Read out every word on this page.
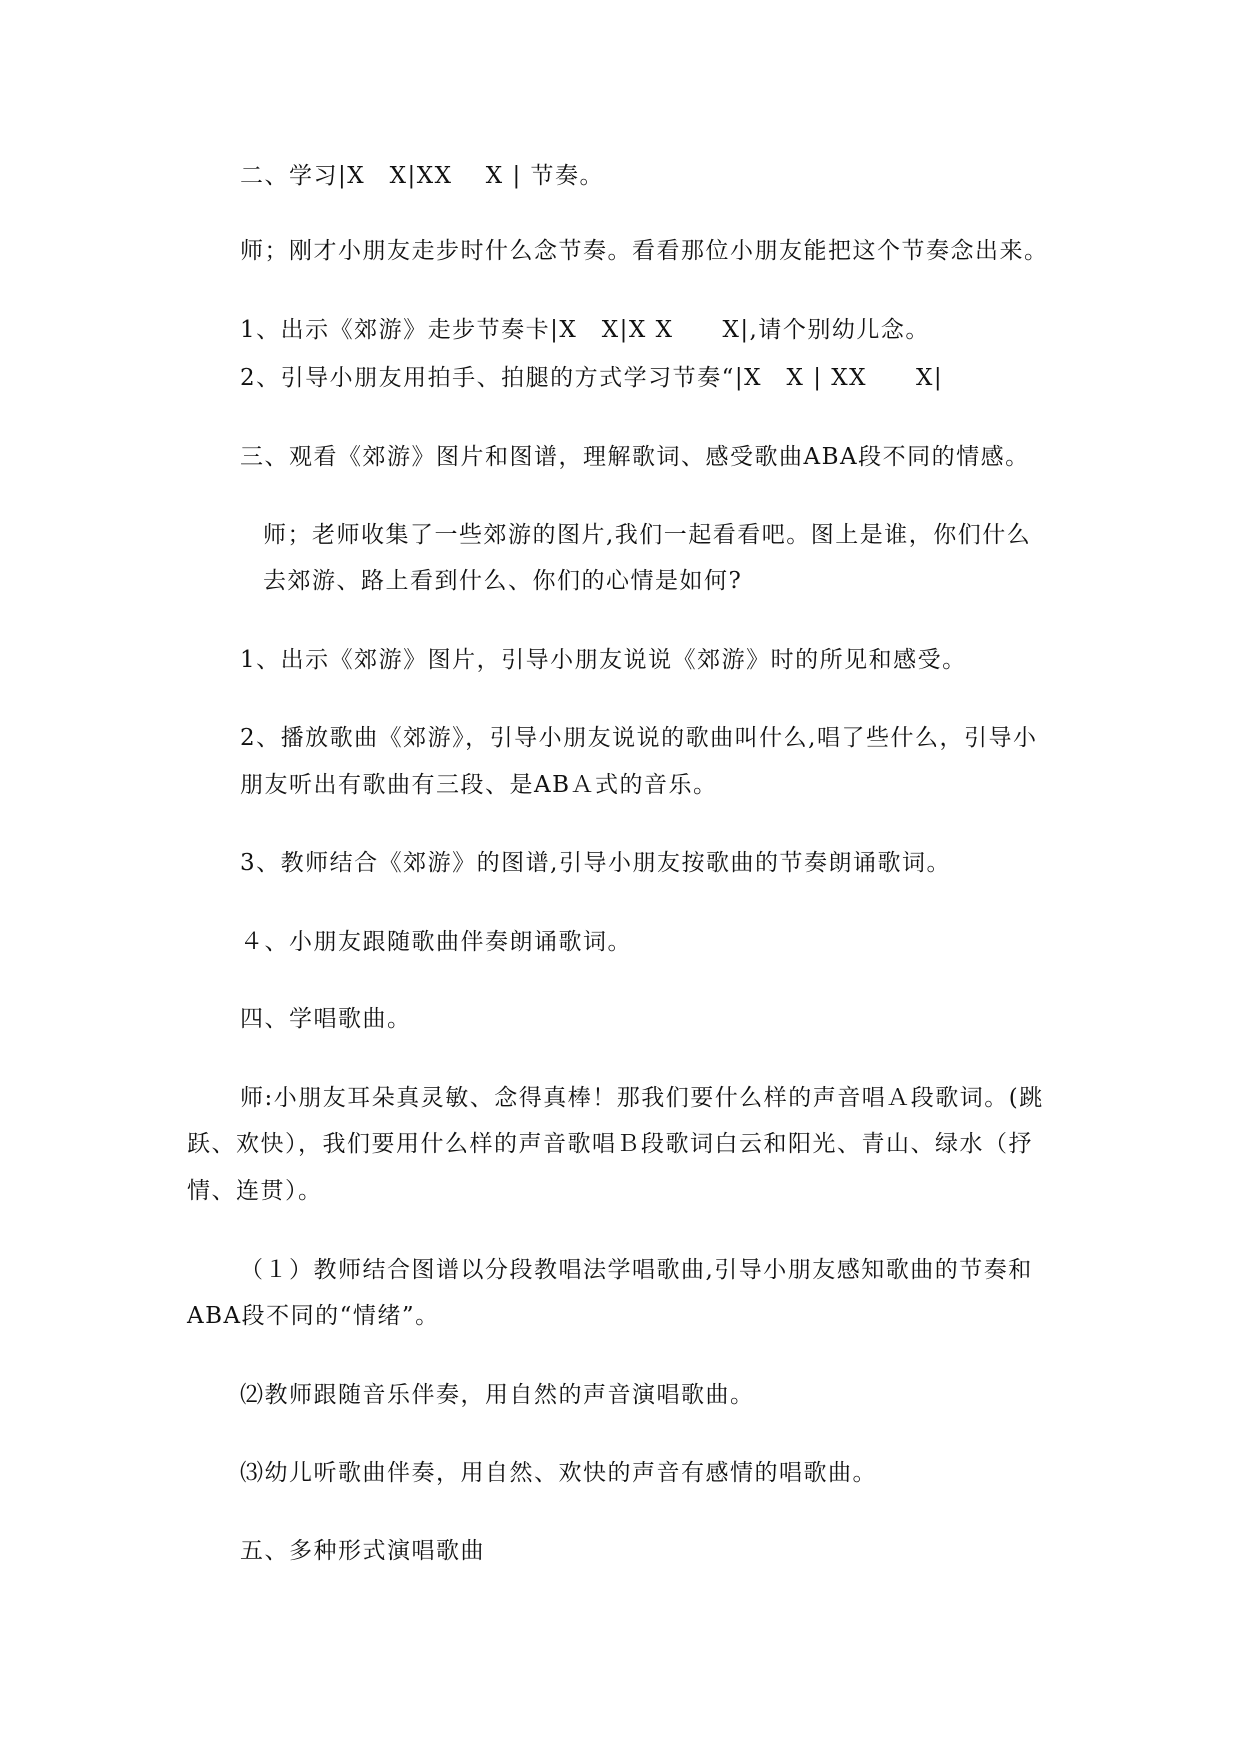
二、学习|X　X|XX　 X | 节奏。
师；刚才小朋友走步时什么念节奏。看看那位小朋友能把这个节奏念出来。
1、出示《郊游》走步节奏卡|X　X|X X　　X|,请个别幼儿念。
2、引导小朋友用拍手、拍腿的方式学习节奏“|X　X | XX　　X|
三、观看《郊游》图片和图谱，理解歌词、感受歌曲ABA段不同的情感。
师；老师收集了一些郊游的图片,我们一起看看吧。图上是谁，你们什么
去郊游、路上看到什么、你们的心情是如何?
1、出示《郊游》图片，引导小朋友说说《郊游》时的所见和感受。
2、播放歌曲《郊游》，引导小朋友说说的歌曲叫什么,唱了些什么，引导小
朋友听出有歌曲有三段、是ABＡ式的音乐。
3、教师结合《郊游》的图谱,引导小朋友按歌曲的节奏朗诵歌词。
４、小朋友跟随歌曲伴奏朗诵歌词。
四、学唱歌曲。
师:小朋友耳朵真灵敏、念得真棒！那我们要什么样的声音唱Ａ段歌词。(跳
跃、欢快），我们要用什么样的声音歌唱Ｂ段歌词白云和阳光、青山、绿水（抒
情、连贯）。
（１）教师结合图谱以分段教唱法学唱歌曲,引导小朋友感知歌曲的节奏和
ABA段不同的“情绪”。
⑵教师跟随音乐伴奏，用自然的声音演唱歌曲。
⑶幼儿听歌曲伴奏，用自然、欢快的声音有感情的唱歌曲。
五、多种形式演唱歌曲
